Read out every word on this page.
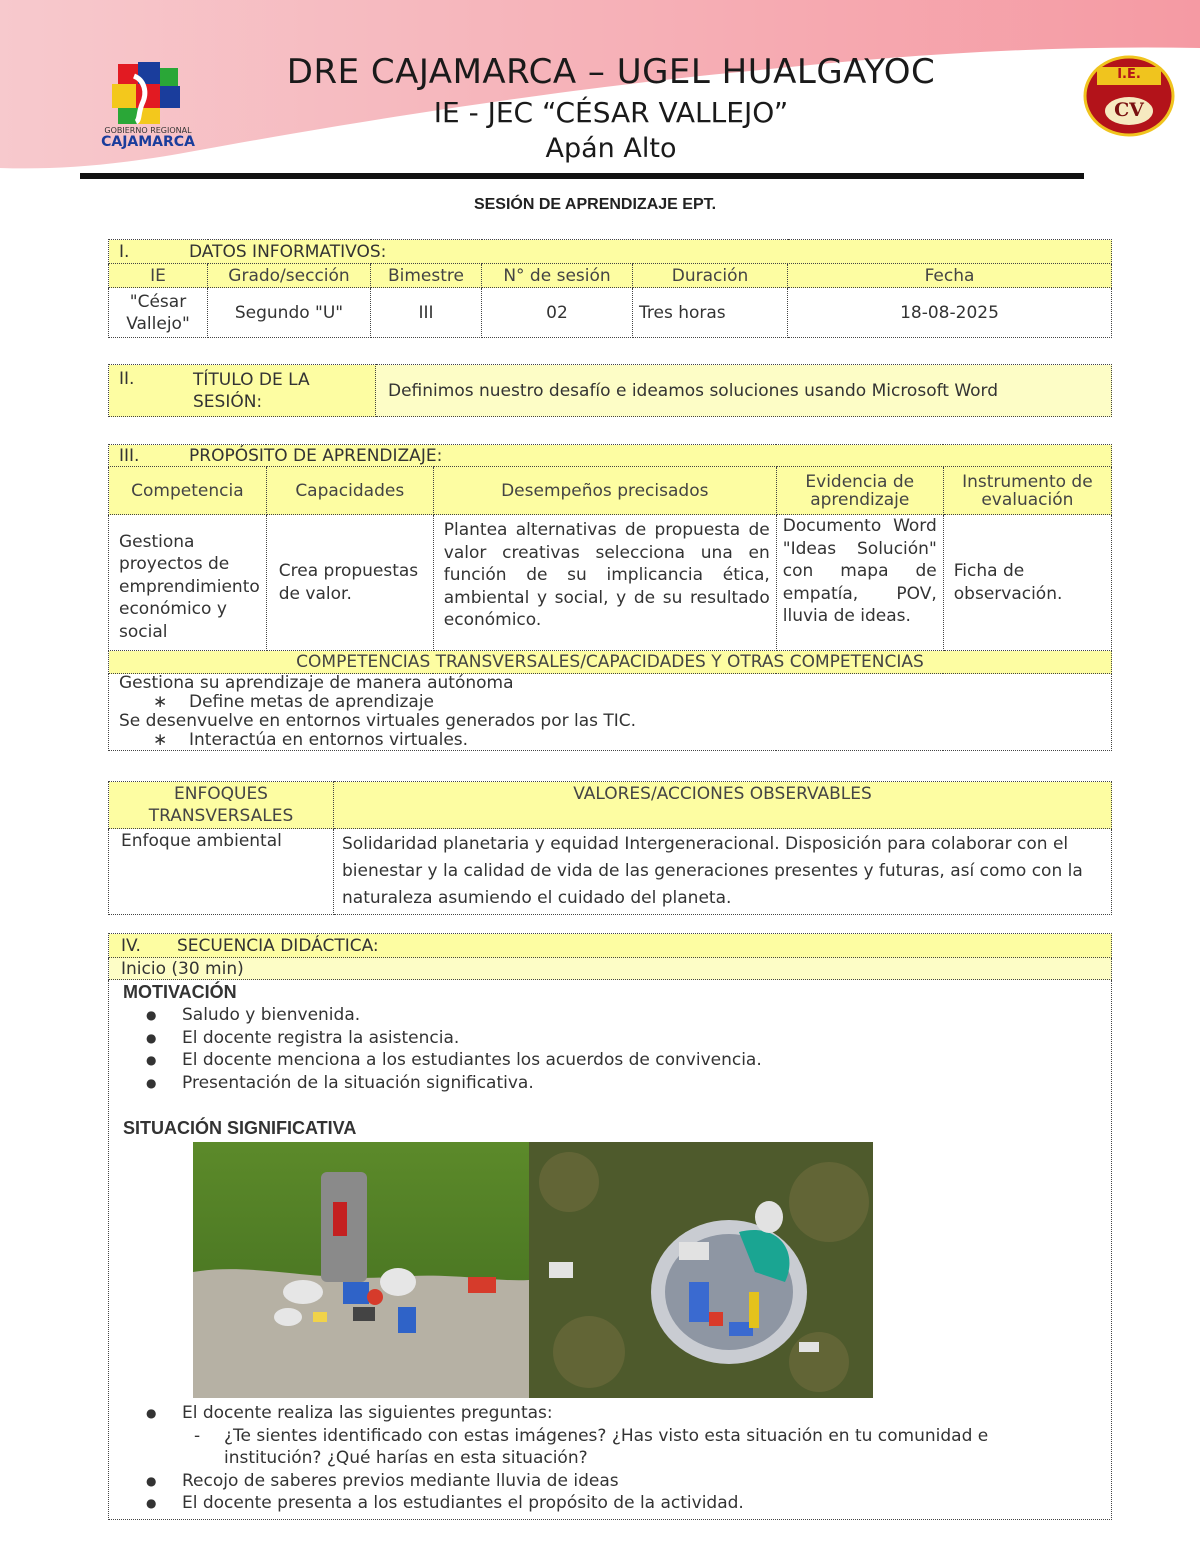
GOBIERNO REGIONAL
CAJAMARCA
I.E.
CV
DRE CAJAMARCA – UGEL HUALGAYOC
IE - JEC “CÉSAR VALLEJO”
Apán Alto
SESIÓN DE APRENDIZAJE EPT.
I. DATOS INFORMATIVOS:					
IE	Grado/sección	Bimestre	N° de sesión	Duración	Fecha
"César Vallejo"	Segundo "U"	III	02	Tres horas	18-08-2025
II.	TÍTULO DE LA SESIÓN:
	Definimos nuestro desafío e ideamos soluciones usando Microsoft Word
III. PROPÓSITO DE APRENDIZAJE:				
Competencia	Capacidades	Desempeños precisados	Evidencia de aprendizaje	Instrumento de evaluación
Gestiona proyectos de emprendimiento económico y social	Crea propuestas de valor.	Plantea alternativas de propuesta de valor creativas selecciona una en función de su implicancia ética, ambiental y social, y de su resultado económico.	Documento Word "Ideas Solución" con mapa de empatía, POV, lluvia de ideas.	Ficha de observación.
COMPETENCIAS TRANSVERSALES/CAPACIDADES Y OTRAS COMPETENCIAS				

Gestiona su aprendizaje de manera autónoma
∗ Define metas de aprendizaje
Se desenvuelve en entornos virtuales generados por las TIC.
∗ Interactúa en entornos virtuales.				
ENFOQUES TRANSVERSALES	VALORES/ACCIONES OBSERVABLES
Enfoque ambiental	Solidaridad planetaria y equidad Intergeneracional. Disposición para colaborar con el bienestar y la calidad de vida de las generaciones presentes y futuras, así como con la naturaleza asumiendo el cuidado del planeta.
IV. SECUENCIA DIDÁCTICA:
Inicio (30 min)

MOTIVACIÓN
● Saludo y bienvenida.
● El docente registra la asistencia.
● El docente menciona a los estudiantes los acuerdos de convivencia.
● Presentación de la situación significativa.
SITUACIÓN SIGNIFICATIVA
● El docente realiza las siguientes preguntas:
- ¿Te sientes identificado con estas imágenes? ¿Has visto esta situación en tu comunidad e institución? ¿Qué harías en esta situación?
● Recojo de saberes previos mediante lluvia de ideas
● El docente presenta a los estudiantes el propósito de la actividad.
